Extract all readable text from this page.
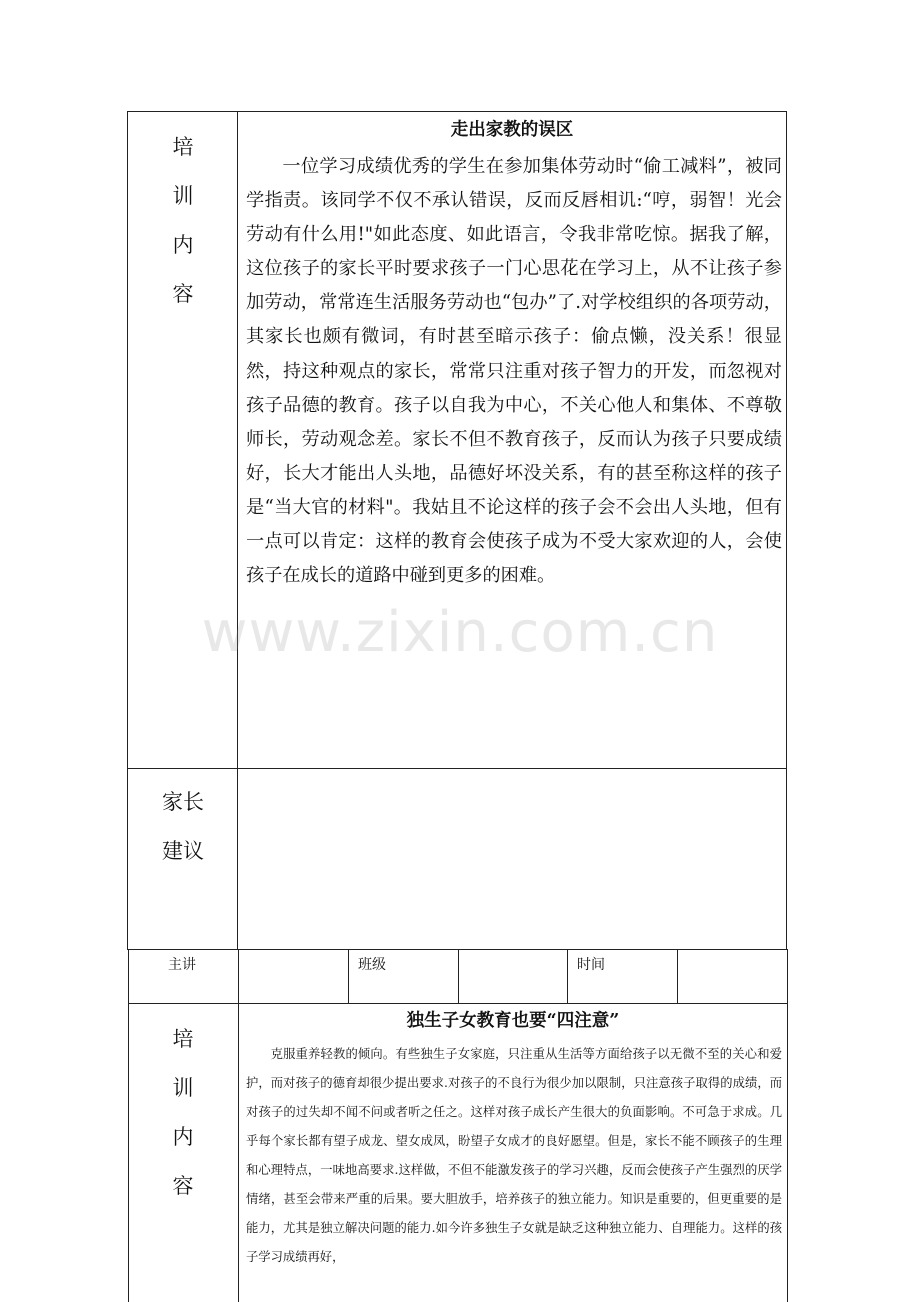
培
训
内
容
走出家教的误区

一位学习成绩优秀的学生在参加集体劳动时“偷工减料”，被同学指责。该同学不仅不承认错误，反而反唇相讥:“哼，弱智！光会劳动有什么用!"如此态度、如此语言，令我非常吃惊。据我了解，这位孩子的家长平时要求孩子一门心思花在学习上，从不让孩子参加劳动，常常连生活服务劳动也“包办”了.对学校组织的各项劳动，其家长也颇有微词，有时甚至暗示孩子：偷点懒，没关系！很显然，持这种观点的家长，常常只注重对孩子智力的开发，而忽视对孩子品德的教育。孩子以自我为中心，不关心他人和集体、不尊敬师长，劳动观念差。家长不但不教育孩子，反而认为孩子只要成绩好，长大才能出人头地，品德好坏没关系，有的甚至称这样的孩子是“当大官的材料"。我姑且不论这样的孩子会不会出人头地，但有一点可以肯定：这样的教育会使孩子成为不受大家欢迎的人，会使孩子在成长的道路中碰到更多的困难。

家长
建议
主讲	班级	时间
培
训
内
容
独生子女教育也要“四注意”

克服重养轻教的倾向。有些独生子女家庭，只注重从生活等方面给孩子以无微不至的关心和爱护，而对孩子的德育却很少提出要求.对孩子的不良行为很少加以限制，只注意孩子取得的成绩，而对孩子的过失却不闻不问或者听之任之。这样对孩子成长产生很大的负面影响。不可急于求成。几乎每个家长都有望子成龙、望女成凤，盼望子女成才的良好愿望。但是，家长不能不顾孩子的生理和心理特点，一味地高要求.这样做，不但不能激发孩子的学习兴趣，反而会使孩子产生强烈的厌学情绪，甚至会带来严重的后果。要大胆放手，培养孩子的独立能力。知识是重要的，但更重要的是能力，尤其是独立解决问题的能力.如今许多独生子女就是缺乏这种独立能力、自理能力。这样的孩子学习成绩再好，

www.zixin.com.cn
